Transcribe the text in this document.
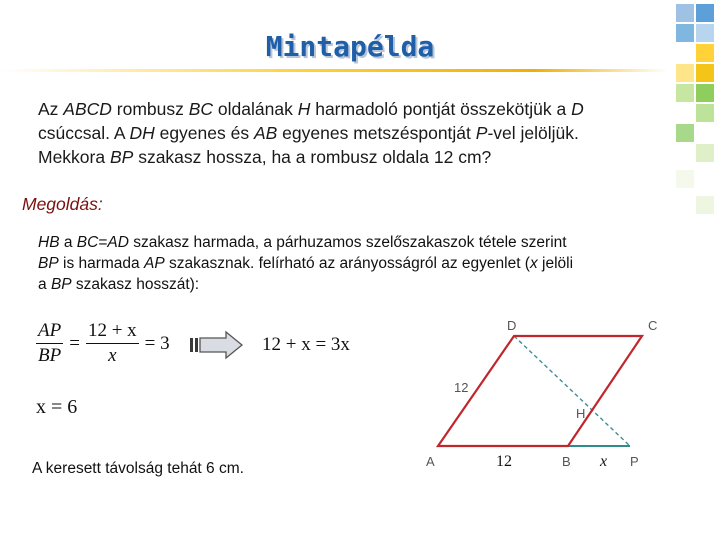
Mintapélda
Az ABCD rombusz BC oldalának H harmadoló pontját összekötjük a D
csúccsal. A DH egyenes és AB egyenes metszéspontját P-vel jelöljük.
Mekkora BP szakasz hossza, ha a rombusz oldala 12 cm?
Megoldás:
HB a BC=AD szakasz harmada, a párhuzamos szelőszakaszok tétele szerint
BP is harmada AP szakasznak. felírható az arányosságról az egyenlet (x jelöli
a BP szakasz hosszát):
$\frac{AP}{BP} = \frac{12 + x}{x} = 3$	12 + x = 3x
x = 6
A keresett távolság tehát 6 cm.
D	C
A	B	P
H
12
12	x
